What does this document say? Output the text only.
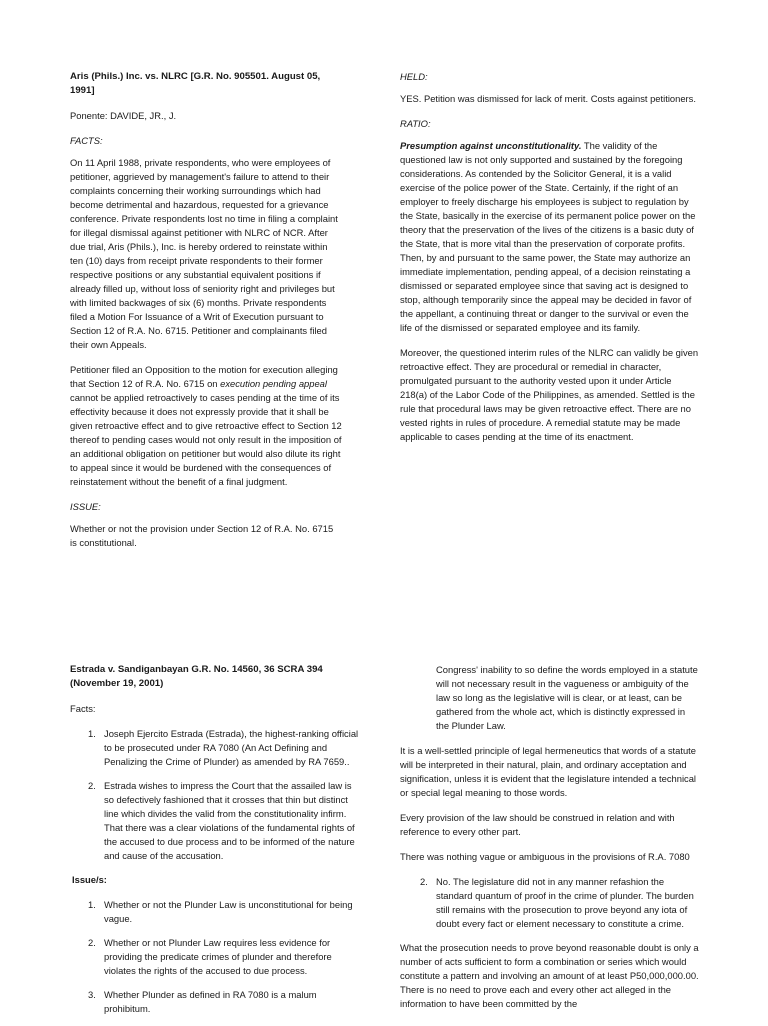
Aris (Phils.) Inc. vs. NLRC [G.R. No. 905501. August 05, 1991]

Ponente: DAVIDE, JR., J.

FACTS:

On 11 April 1988, private respondents, who were employees of petitioner, aggrieved by management's failure to attend to their complaints concerning their working surroundings which had become detrimental and hazardous, requested for a grievance conference. Private respondents lost no time in filing a complaint for illegal dismissal against petitioner with NLRC of NCR. After due trial, Aris (Phils.), Inc. is hereby ordered to reinstate within ten (10) days from receipt private respondents to their former respective positions or any substantial equivalent positions if already filled up, without loss of seniority right and privileges but with limited backwages of six (6) months. Private respondents filed a Motion For Issuance of a Writ of Execution pursuant to Section 12 of R.A. No. 6715. Petitioner and complainants filed their own Appeals.

Petitioner filed an Opposition to the motion for execution alleging that Section 12 of R.A. No. 6715 on execution pending appeal cannot be applied retroactively to cases pending at the time of its effectivity because it does not expressly provide that it shall be given retroactive effect and to give retroactive effect to Section 12 thereof to pending cases would not only result in the imposition of an additional obligation on petitioner but would also dilute its right to appeal since it would be burdened with the consequences of reinstatement without the benefit of a final judgment.

ISSUE:

Whether or not the provision under Section 12 of R.A. No. 6715 is constitutional.

HELD:

YES. Petition was dismissed for lack of merit. Costs against petitioners.

RATIO:

Presumption against unconstitutionality. The validity of the questioned law is not only supported and sustained by the foregoing considerations. As contended by the Solicitor General, it is a valid exercise of the police power of the State. Certainly, if the right of an employer to freely discharge his employees is subject to regulation by the State, basically in the exercise of its permanent police power on the theory that the preservation of the lives of the citizens is a basic duty of the State, that is more vital than the preservation of corporate profits. Then, by and pursuant to the same power, the State may authorize an immediate implementation, pending appeal, of a decision reinstating a dismissed or separated employee since that saving act is designed to stop, although temporarily since the appeal may be decided in favor of the appellant, a continuing threat or danger to the survival or even the life of the dismissed or separated employee and its family.

Moreover, the questioned interim rules of the NLRC can validly be given retroactive effect. They are procedural or remedial in character, promulgated pursuant to the authority vested upon it under Article 218(a) of the Labor Code of the Philippines, as amended. Settled is the rule that procedural laws may be given retroactive effect. There are no vested rights in rules of procedure. A remedial statute may be made applicable to cases pending at the time of its enactment.

Estrada v. Sandiganbayan G.R. No. 14560, 36 SCRA 394 (November 19, 2001)

Facts:

1. Joseph Ejercito Estrada (Estrada), the highest-ranking official to be prosecuted under RA 7080 (An Act Defining and Penalizing the Crime of Plunder) as amended by RA 7659..
2. Estrada wishes to impress the Court that the assailed law is so defectively fashioned that it crosses that thin but distinct line which divides the valid from the constitutionality infirm. That there was a clear violations of the fundamental rights of the accused to due process and to be informed of the nature and cause of the accusation.

Issue/s:

1. Whether or not the Plunder Law is unconstitutional for being vague.
2. Whether or not Plunder Law requires less evidence for providing the predicate crimes of plunder and therefore violates the rights of the accused to due process.
3. Whether Plunder as defined in RA 7080 is a malum prohibitum.

Congress' inability to so define the words employed in a statute will not necessary result in the vagueness or ambiguity of the law so long as the legislative will is clear, or at least, can be gathered from the whole act, which is distinctly expressed in the Plunder Law.

It is a well-settled principle of legal hermeneutics that words of a statute will be interpreted in their natural, plain, and ordinary acceptation and signification, unless it is evident that the legislature intended a technical or special legal meaning to those words.

Every provision of the law should be construed in relation and with reference to every other part.

There was nothing vague or ambiguous in the provisions of R.A. 7080

2. No. The legislature did not in any manner refashion the standard quantum of proof in the crime of plunder. The burden still remains with the prosecution to prove beyond any iota of doubt every fact or element necessary to constitute a crime.

What the prosecution needs to prove beyond reasonable doubt is only a number of acts sufficient to form a combination or series which would constitute a pattern and involving an amount of at least P50,000,000.00. There is no need to prove each and every other act alleged in the information to have been committed by the
